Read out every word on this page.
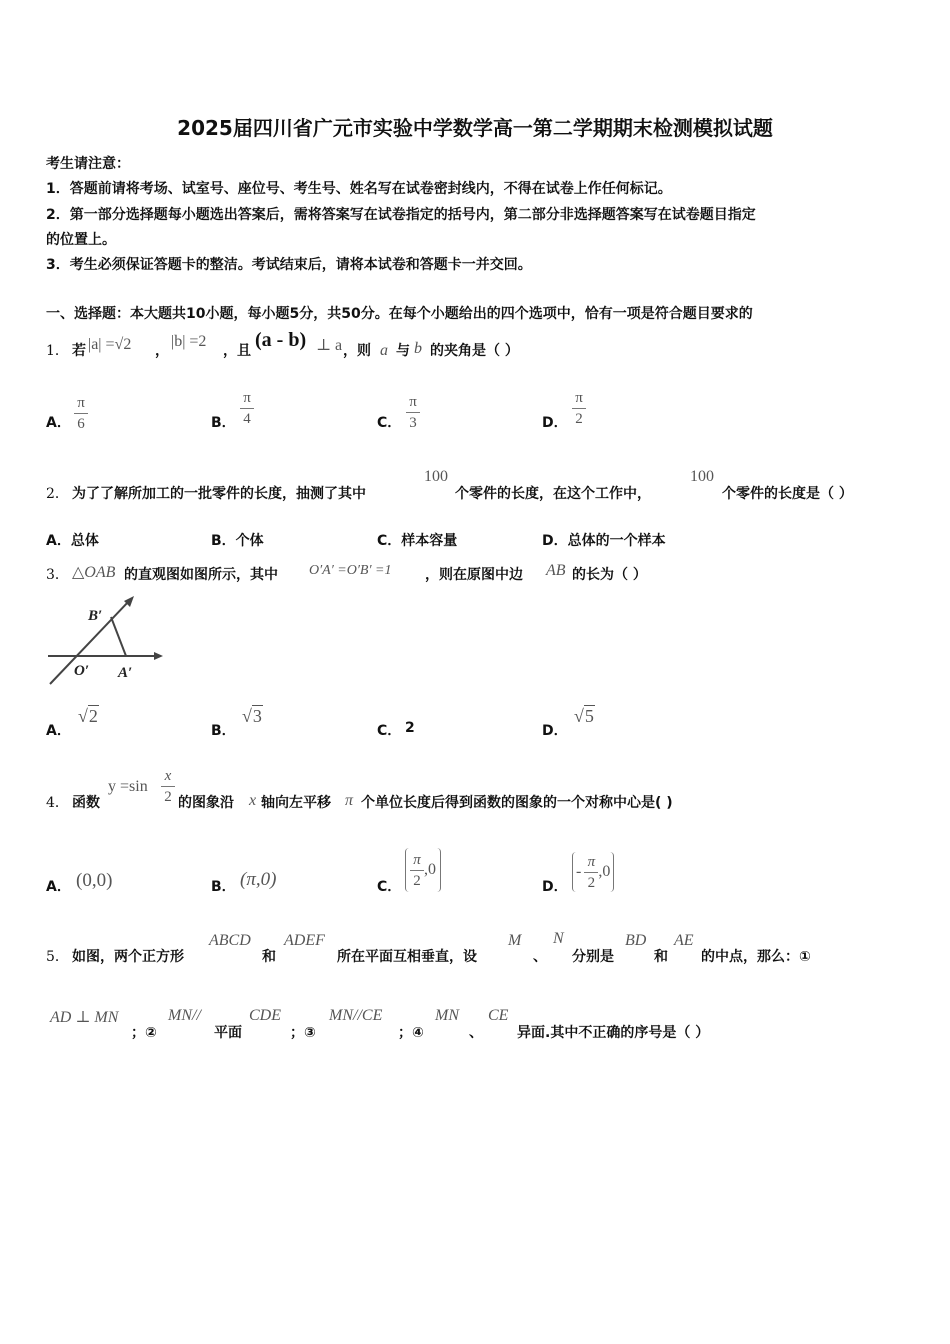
2025届四川省广元市实验中学数学高一第二学期期末检测模拟试题
考生请注意：
1．答题前请将考场、试室号、座位号、考生号、姓名写在试卷密封线内，不得在试卷上作任何标记。
2．第一部分选择题每小题选出答案后，需将答案写在试卷指定的括号内，第二部分非选择题答案写在试卷题目指定
的位置上。
3．考生必须保证答题卡的整洁。考试结束后，请将本试卷和答题卡一并交回。
一、选择题：本大题共10小题，每小题5分，共50分。在每个小题给出的四个选项中，恰有一项是符合题目要求的
1． 若 |a| =√2 ，
|b| =2
，且 (a - b) ⊥ a ，则 a 与 b 的夹角是（ ）
A．
π
6	B．
π
4	C．
π
3	D．
π
2
2． 为了了解所加工的一批零件的长度，抽测了其中
100
个零件的长度，在这个工作中，
100
个零件的长度是（ ）
A．总体	B．个体	C．样本容量	D．总体的一个样本
3． △OAB 的直观图如图所示，其中 O′A′ =O′B′ =1 ，则在原图中边 AB 的长为（ ）
B′
O′ A′
A．
√2
B．
√3
C． 2	D．
√5
4． 函数
y =sin
x
2 的图象沿 x 轴向左平移 π 个单位长度后得到函数的图象的一个对称中心是( )
A． (0,0)	B． (π,0)	C． $\frac{\pi}{2} ,0$
D．
- $\frac{\pi}{2} ,0$
5． 如图，两个正方形
ABCD
和
ADEF
所在平面互相垂直，设
M
、
N
分别是
BD
和
AE
的中点，那么：①
AD ⊥ MN
；②
MN//
平面
CDE
；③
MN//CE
；④
MN
、
CE
异面.其中不正确的序号是（ ）
